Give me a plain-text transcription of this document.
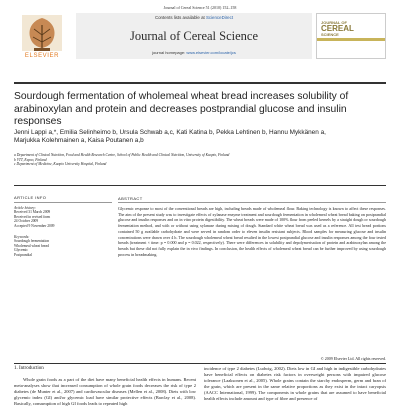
Journal of Cereal Science 51 (2010) 152–158
ELSEVIER
Contents lists available at ScienceDirect
Journal of Cereal Science
journal homepage: www.elsevier.com/locate/jcs
JOURNAL OF
CEREAL
SCIENCE
Sourdough fermentation of wholemeal wheat bread increases solubility of arabinoxylan and protein and decreases postprandial glucose and insulin responses
Jenni Lappi a,*, Emilia Selinheimo b, Ursula Schwab a,c, Kati Katina b, Pekka Lehtinen b, Hannu Mykkänen a,
Marjukka Kolehmainen a, Kaisa Poutanen a,b
a Department of Clinical Nutrition, Food and Health Research Centre, School of Public Health and Clinical Nutrition, University of Kuopio, Finland
b VTT, Espoo, Finland
c Department of Medicine, Kuopio University Hospital, Finland
ARTICLE INFO
Article history:
Received 31 March 2009
Received in revised form
24 October 2009
Accepted 9 November 2009
Keywords:
Sourdough fermentation
Wholemeal wheat bread
Glycemic
Postprandial
ABSTRACT
Glycemic response to most of the conventional breads are high, including breads made of wholemeal flour. Baking technology is known to affect these responses. The aim of the present study was to investigate effects of xylanase enzyme treatment and sourdough fermentation in wholemeal wheat bread baking on postprandial glucose and insulin responses and on in vitro protein digestibility. The wheat breads were made of 100% flour from peeled kernels by a straight dough or sourdough fermentation method, and with or without using xylanase during mixing of dough. Standard white wheat bread was used as a reference. All test bread portions contained 50 g available carbohydrate and were served in random order to eleven insulin resistant subjects. Blood samples for measuring glucose and insulin concentrations were drawn over 4 h. The sourdough wholemeal wheat bread resulted in the lowest postprandial glucose and insulin responses among the four tested breads (treatment × time: p = 0.000 and p = 0.022, respectively). There were differences in solubility and depolymerisation of protein and arabinoxylan among the breads but these did not fully explain the in vivo findings. In conclusion, the health effects of wholemeal wheat bread can be further improved by using sourdough process in breadmaking.
© 2009 Elsevier Ltd. All rights reserved.
1. Introduction
Whole grain foods as a part of the diet have many beneficial health effects in humans. Recent meta-analyses show that increased consumption of whole grain foods decreases the risk of type 2 diabetes (de Munter et al., 2007) and cardiovascular diseases (Mellen et al., 2008). Diets with low glycemic index (GI) and/or glycemic load have similar protective effects (Barclay et al., 2008). Basically, consumption of high GI foods leads to repeated high
incidence of type 2 diabetes (Ludwig, 2002). Diets low in GI and high in indigestible carbohydrates have beneficial effects on diabetes risk factors in overweight persons with impaired glucose tolerance (Laaksonen et al., 2005). Whole grains contain the starchy endosperm, germ and bran of the grain, which are present in the same relative proportions as they exist in the intact caryopsis (AACC International, 1999). The components in whole grains that are assumed to have beneficial health effects include amount and type of fibre and presence of
